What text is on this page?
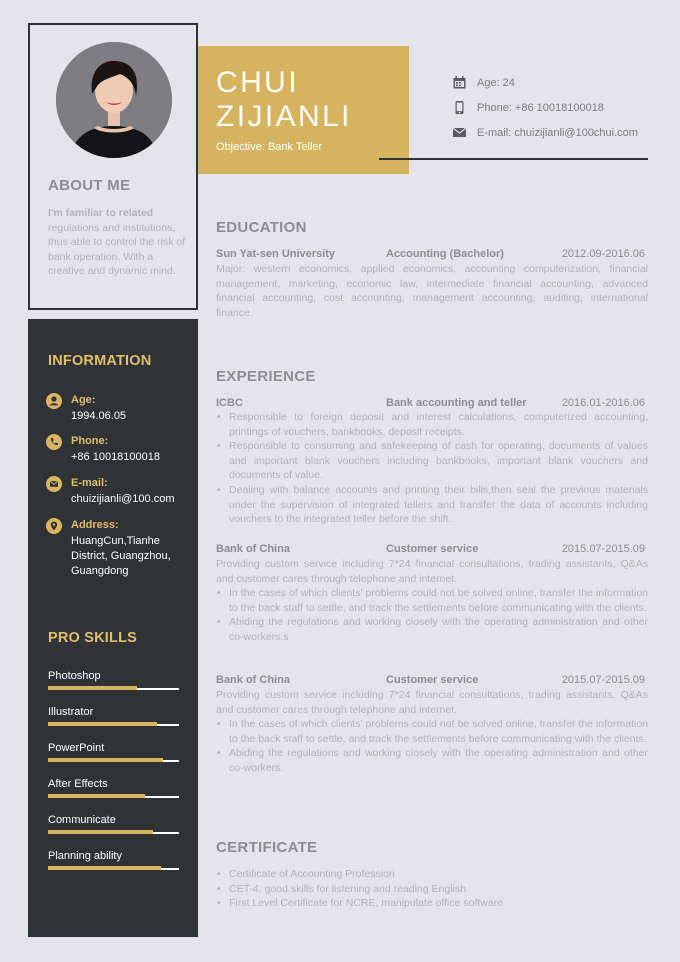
ABOUT ME
I'm familiar to related regulations and institutions, thus able to control the risk of bank operation. With a creative and dynamic mind.
INFORMATION
Age:
1994.06.05
Phone:
+86 10018100018
E-mail:
chuizijianli@100.com
Address:
HuangCun,Tianhe District, Guangzhou, Guangdong
PRO SKILLS
Photoshop
Illustrator
PowerPoint
After Effects
Communicate
Planning ability
CHUI
ZIJIANLI
Objective: Bank Teller
Age: 24
Phone: +86 10018100018
E-mail: chuizijianli@100chui.com
EDUCATION
Sun Yat-sen University	Accounting (Bachelor)	2012.09-2016.06
Major: western economics, applied economics, accounting computerization, financial management, marketing, economic law, intermediate financial accounting, advanced financial accounting, cost accounting, management accounting, auditing, international finance.
EXPERIENCE
ICBC	Bank accounting and teller	2016.01-2016.06
• Responsible to foreign deposit and interest calculations, computerized accounting, printings of vouchers, bankbooks, deposit receipts.
• Responsible to consuming and safekeeping of cash for operating, documents of values and important blank vouchers including bankbooks, important blank vouchers and documents of value.
• Dealing with balance accounts and printing their bills,then seal the previous materials under the supervision of integrated tellers and transfer the data of accounts including vouchers to the integrated teller before the shift.
Bank of China	Customer service	2015.07-2015.09
Providing custom service including 7*24 financial consultations, trading assistants, Q&As and customer cares through telephone and internet.
• In the cases of which clients' problems could not be solved online, transfer the information to the back staff to settle, and track the settlements before communicating with the clients.
• Abiding the regulations and working closely with the operating administration and other co-workers.s
Bank of China	Customer service	2015.07-2015.09
Providing custom service including 7*24 financial consultations, trading assistants, Q&As and customer cares through telephone and internet.
• In the cases of which clients' problems could not be solved online, transfer the information to the back staff to settle, and track the settlements before communicating with the clients.
• Abiding the regulations and working closely with the operating administration and other co-workers.
CERTIFICATE
• Certificate of Accounting Profession
• CET-4, good skills for listening and reading English
• First Level Certificate for NCRE, manipulate office software
